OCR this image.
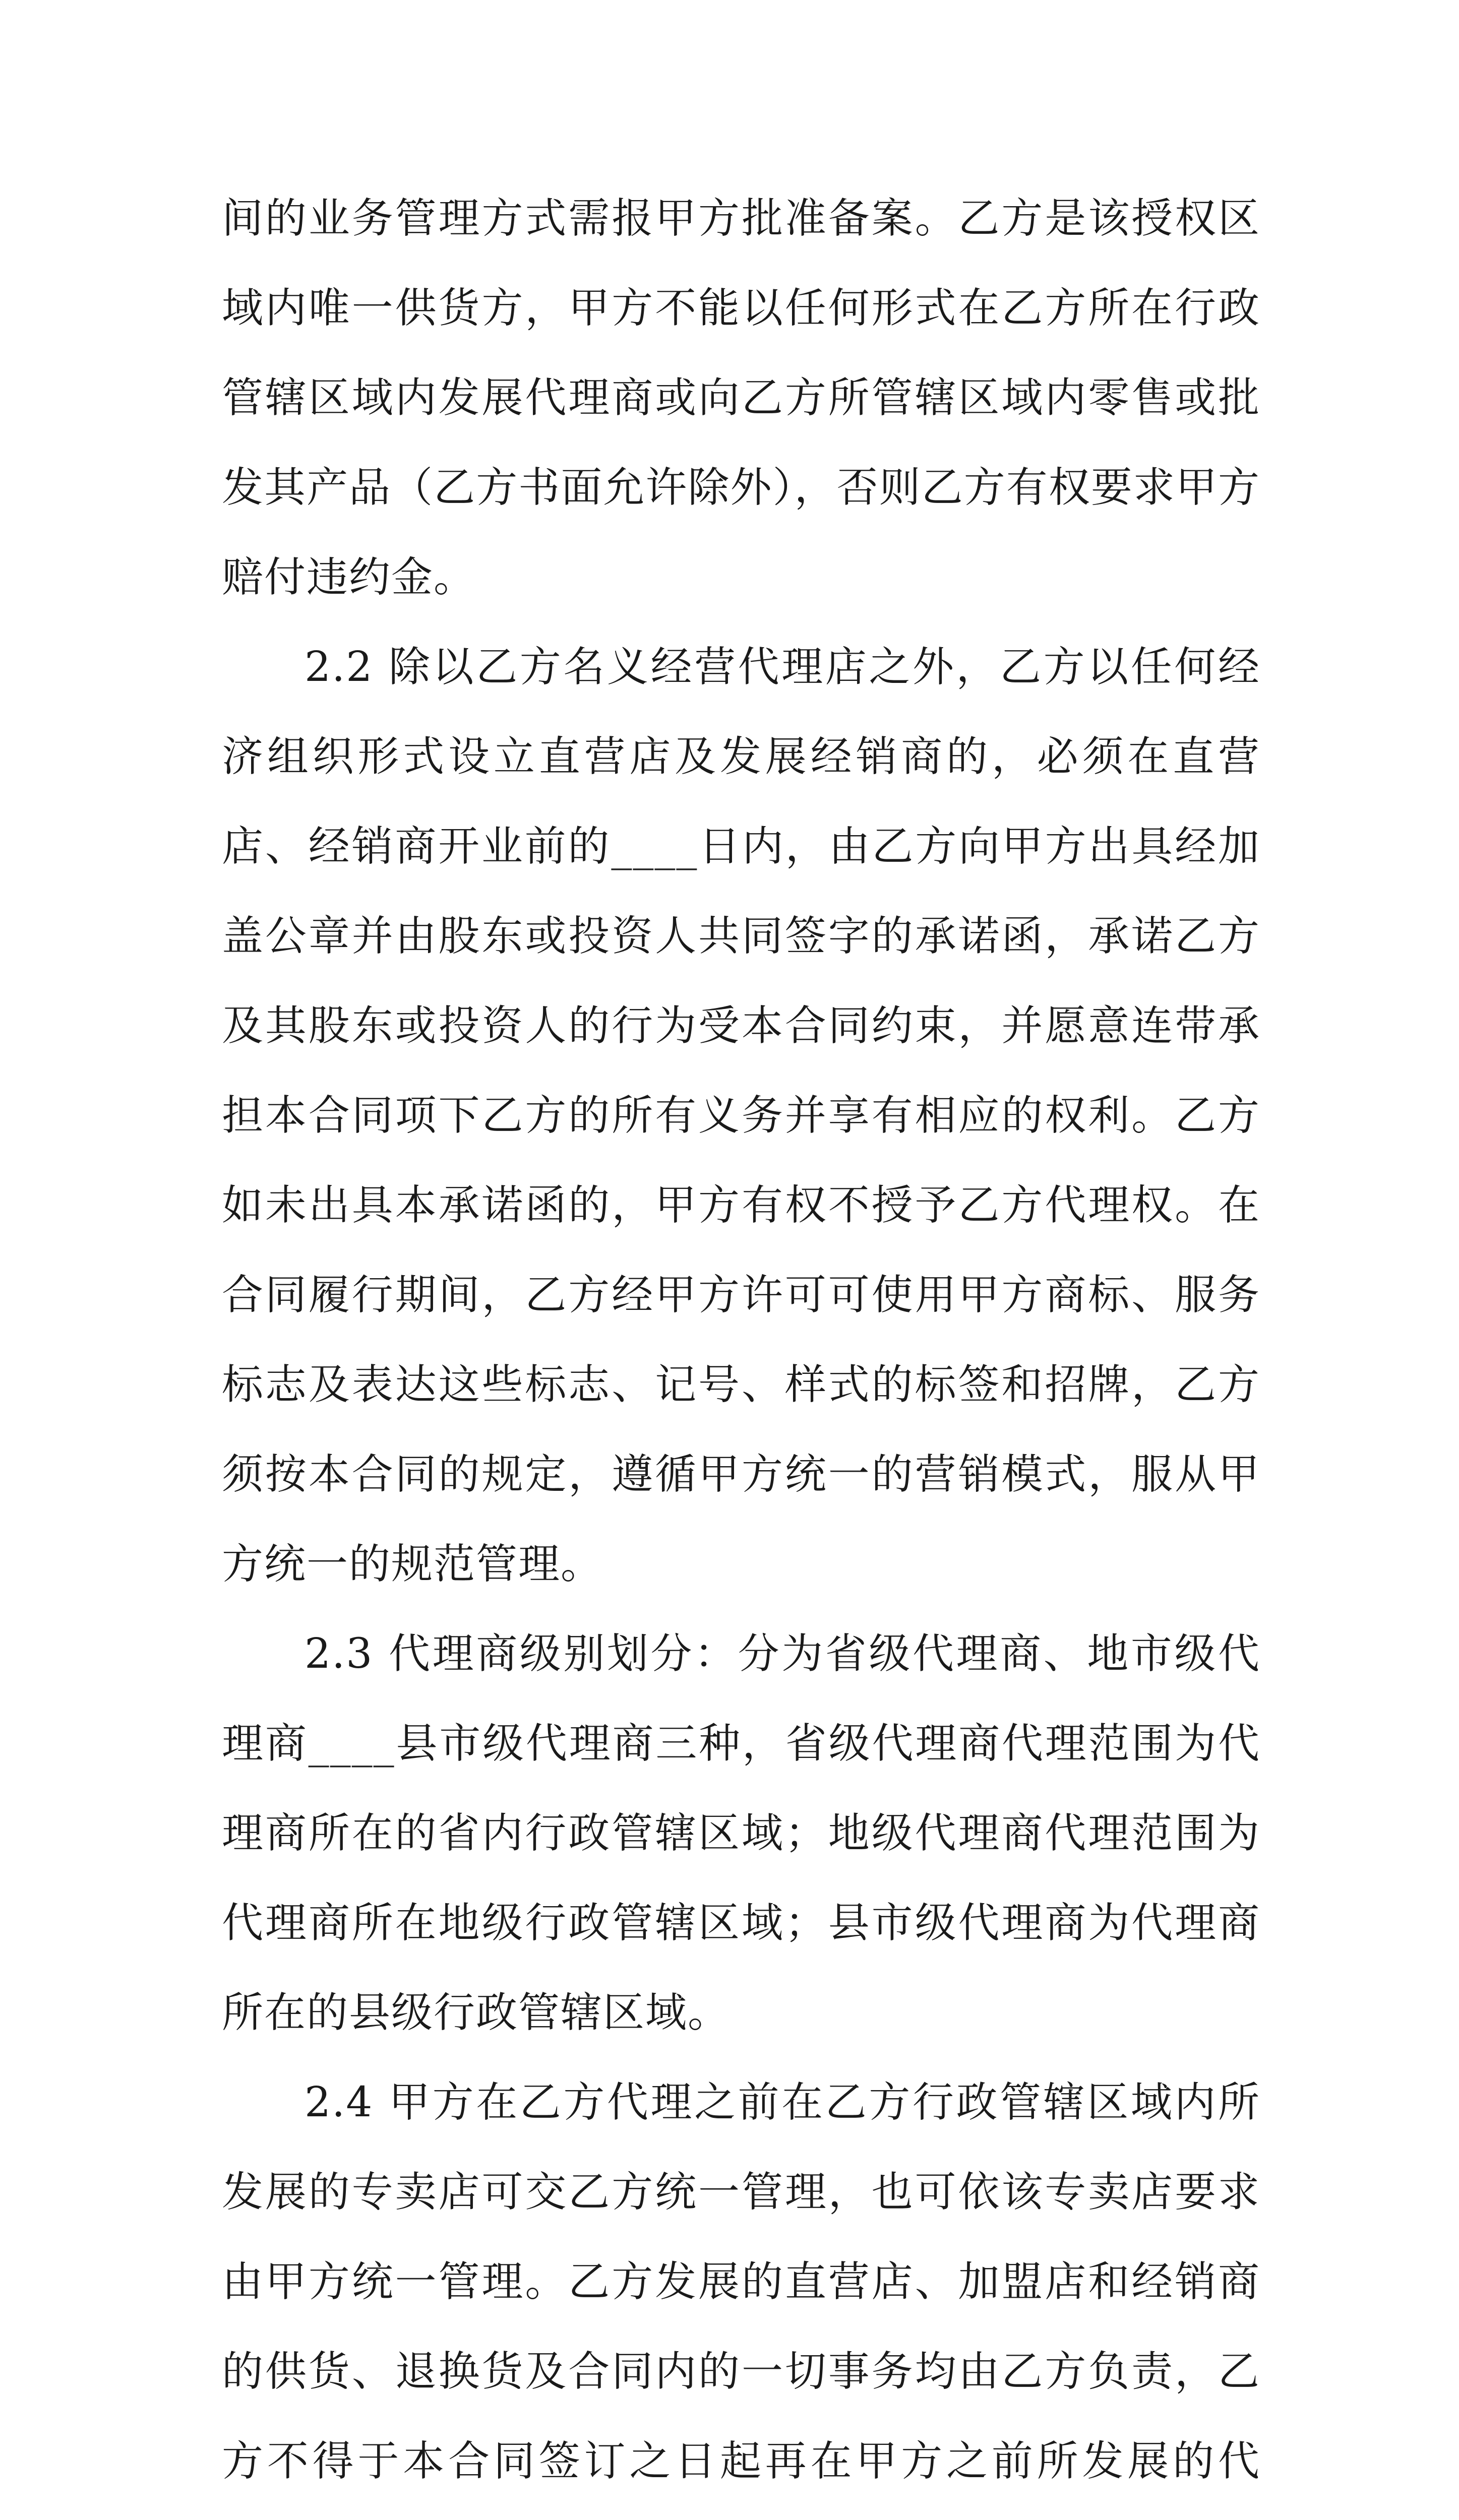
间的业务管理方式需报甲方批准备案。乙方是该授权区域内唯一供货方，甲方不能以任何形式在乙方所在行政管辖区域内发展代理商或向乙方所管辖区域内零售或批发其产品（乙方书面允许除外），否则乙方有权要求甲方赔付违约金。

2.2 除以乙方名义经营代理店之外，乙方以任何经济组织形式设立直营店及发展经销商的，必须在直营店、经销商开业前的____日内，由乙方向甲方出具经加盖公章并由股东或投资人共同签字的承诺函，承诺乙方及其股东或投资人的行为受本合同约束，并愿意连带承担本合同项下乙方的所有义务并享有相应的权利。乙方如未出具本承诺函的，甲方有权不授予乙方代理权。在合同履行期间，乙方经甲方许可可使用甲方商标、服务标志及表达这些标志、记号、样式的标签和招牌，乙方须按本合同的规定，遵循甲方统一的营销模式，服从甲方统一的规范管理。

2.3 代理商级别划分：分为省级代理商、地市级代理商____县市级代理商三种，省级代理商代理范围为代理商所在的省内行政管辖区域；地级代理商代理范围为代理商所在地级行政管辖区域；县市级代理商为代理商所在的县级行政管辖区域。

2.4 甲方在乙方代理之前在乙方行政管辖区域内所发展的专卖店可交乙方统一管理，也可依该专卖店要求由甲方统一管理。乙方发展的直营店、加盟店和经销商的供货、退换货及合同内的一切事务均由乙方负责，乙方不得于本合同签订之日起再在甲方之前所发展的代
